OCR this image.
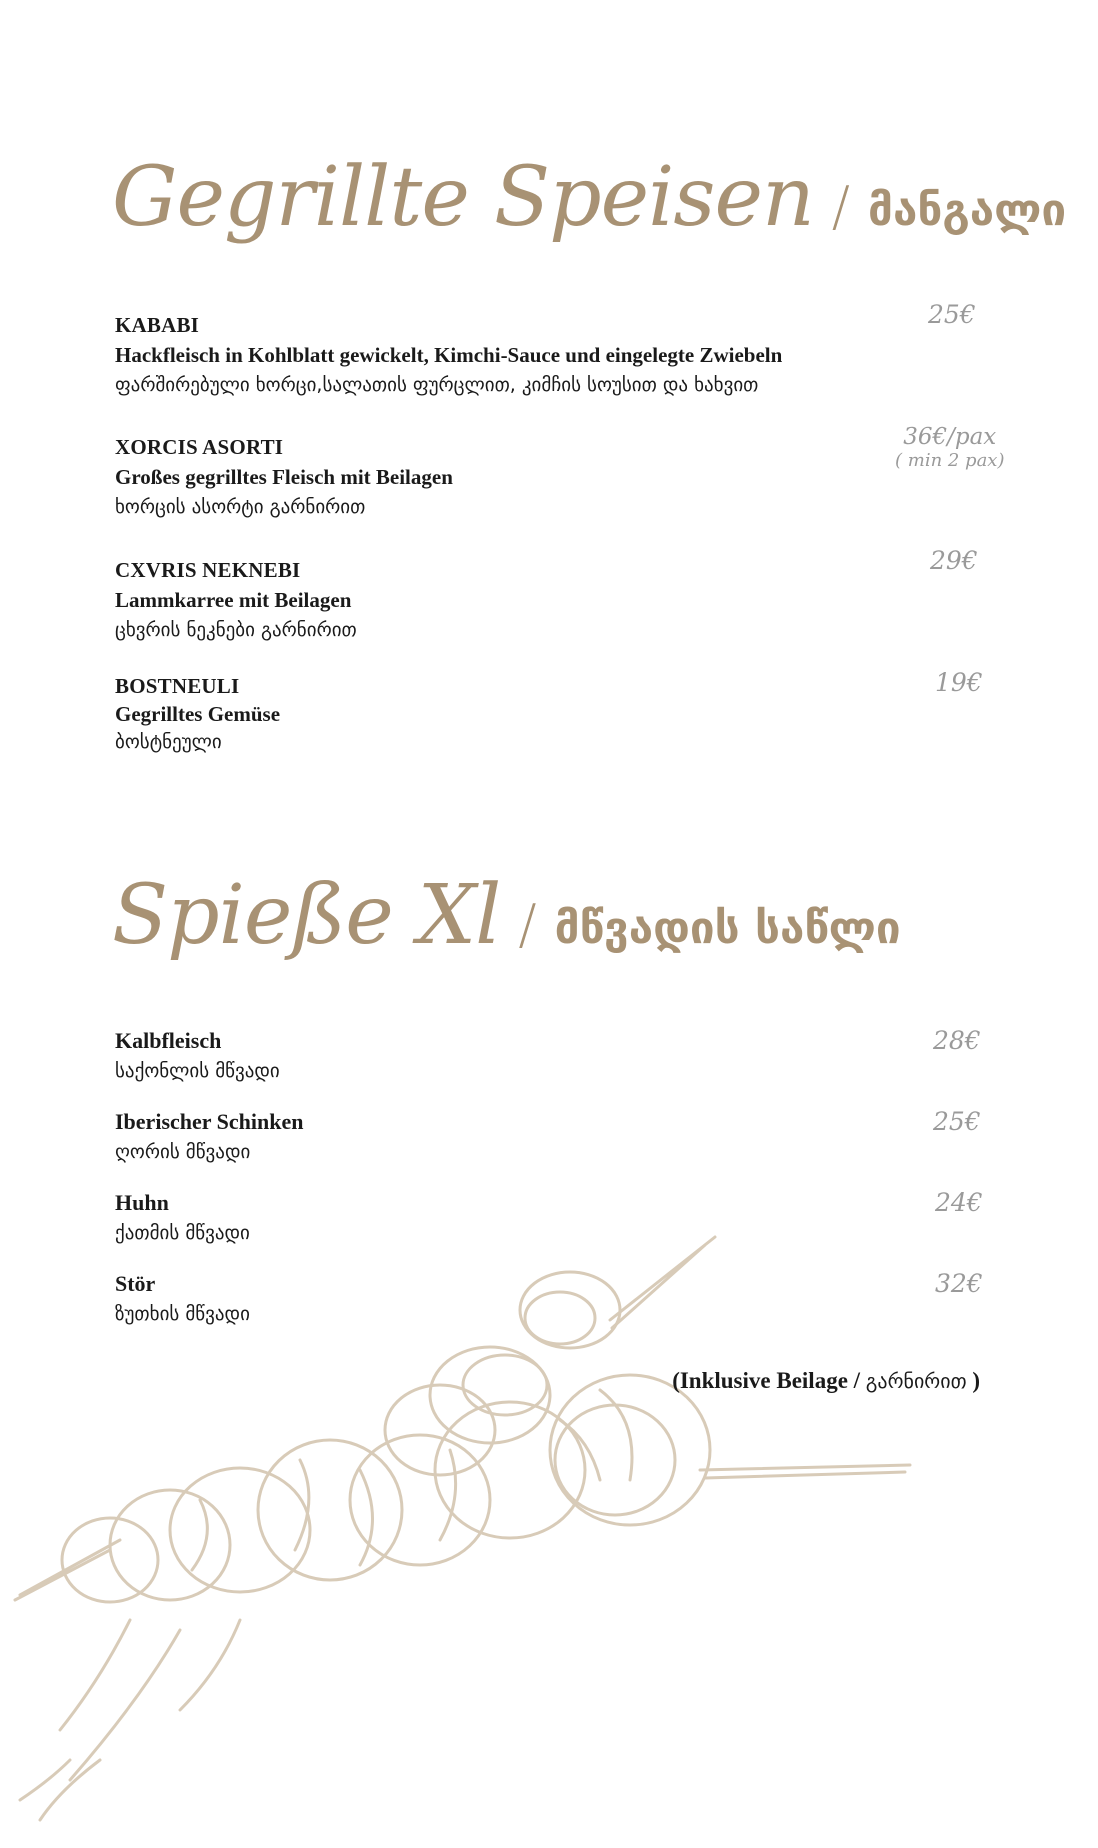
Gegrillte Speisen / მანგალი
KABABI
Hackfleisch in Kohlblatt gewickelt, Kimchi-Sauce und eingelegte Zwiebeln
ფარშირებული ხორცი,სალათის ფურცლით, კიმჩის სოუსით და ხახვით
25€
XORCIS ASORTI
Großes gegrilltes Fleisch mit Beilagen
ხორცის ასორტი გარნირით
36€/pax
( min 2 pax)
CXVRIS NEKNEBI
Lammkarree mit Beilagen
ცხვრის ნეკნები გარნირით
29€
BOSTNEULI
Gegrilltes Gemüse
ბოსტნეული
19€
Spieße Xl / მწვადის საწლი
Kalbfleisch
საქონლის მწვადი
28€
Iberischer Schinken
ღორის მწვადი
25€
Huhn
ქათმის მწვადი
24€
Stör
ზუთხის მწვადი
32€
(Inklusive Beilage / გარნირით )
